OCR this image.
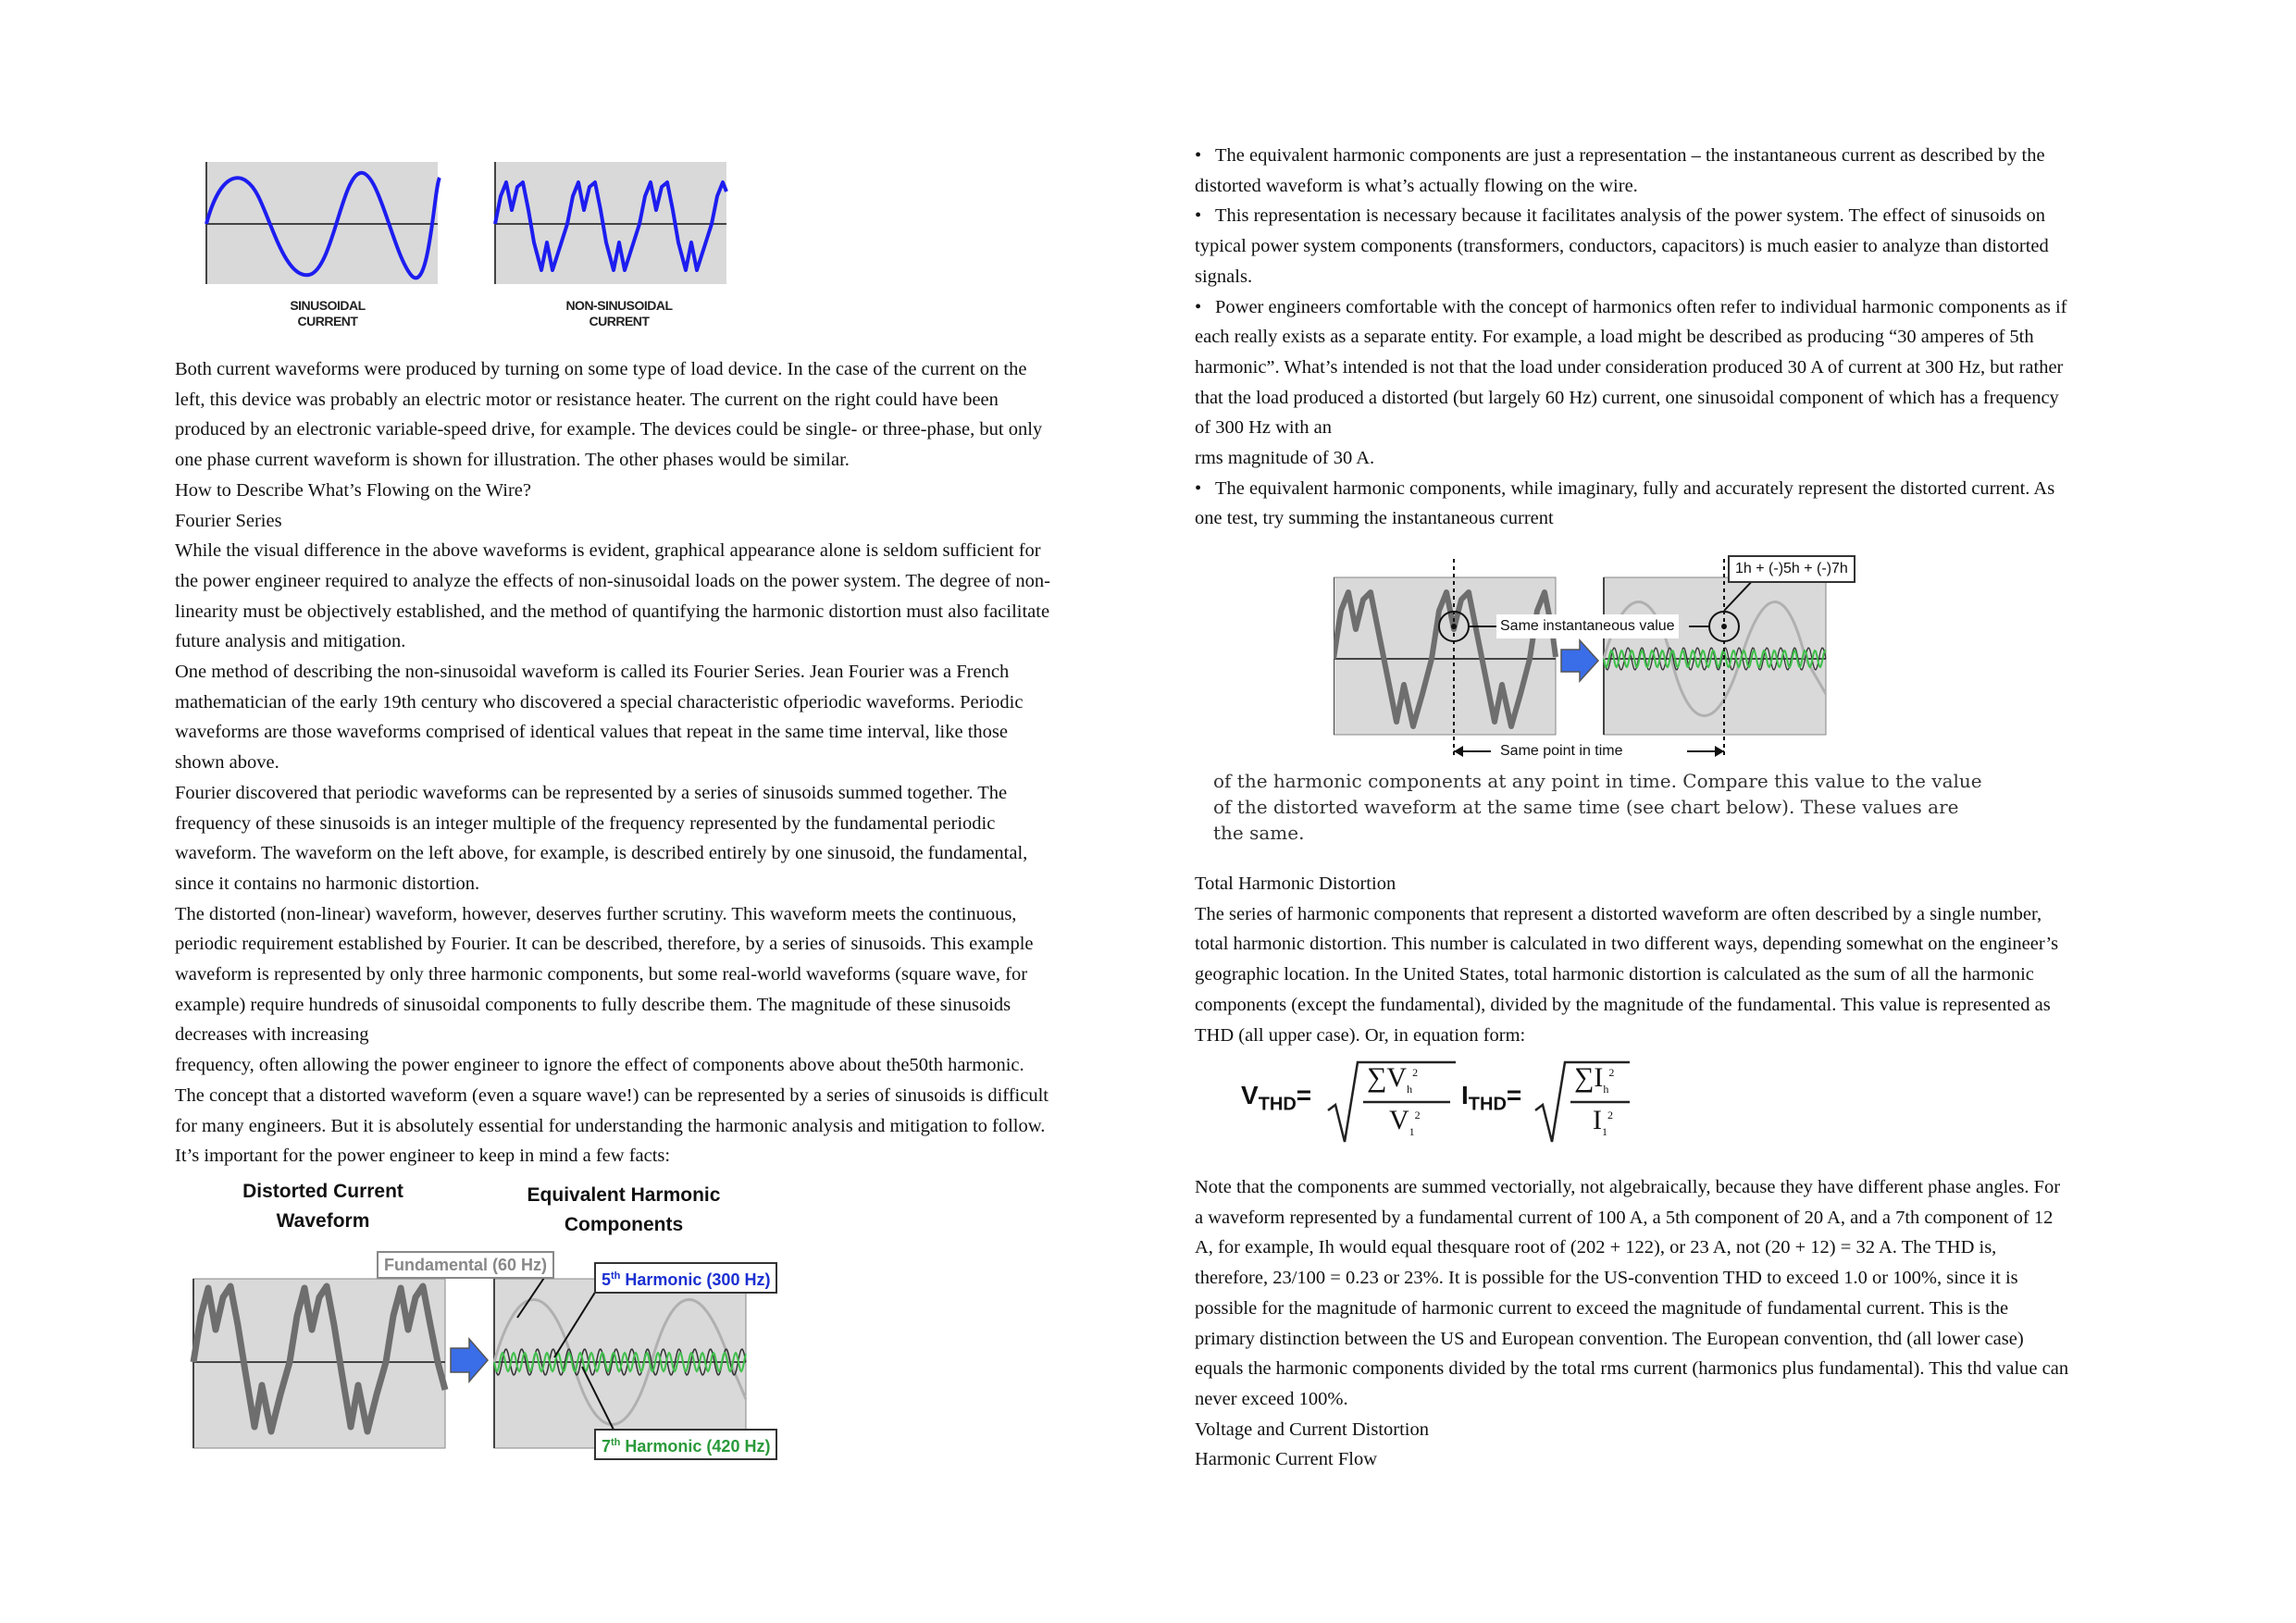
SINUSOIDAL
CURRENT
NON-SINUSOIDAL
CURRENT
Both current waveforms were produced by turning on some type of load device. In the case of the current on the
left, this device was probably an electric motor or resistance heater. The current on the right could have been
produced by an electronic variable-speed drive, for example. The devices could be single- or three-phase, but only
one phase current waveform is shown for illustration. The other phases would be similar.
How to Describe What’s Flowing on the Wire?
Fourier Series
While the visual difference in the above waveforms is evident, graphical appearance alone is seldom sufficient for
the power engineer required to analyze the effects of non-sinusoidal loads on the power system. The degree of non-
linearity must be objectively established, and the method of quantifying the harmonic distortion must also facilitate
future analysis and mitigation.
One method of describing the non-sinusoidal waveform is called its Fourier Series. Jean Fourier was a French
mathematician of the early 19th century who discovered a special characteristic ofperiodic waveforms. Periodic
waveforms are those waveforms comprised of identical values that repeat in the same time interval, like those
shown above.
Fourier discovered that periodic waveforms can be represented by a series of sinusoids summed together. The
frequency of these sinusoids is an integer multiple of the frequency represented by the fundamental periodic
waveform. The waveform on the left above, for example, is described entirely by one sinusoid, the fundamental,
since it contains no harmonic distortion.
The distorted (non-linear) waveform, however, deserves further scrutiny. This waveform meets the continuous,
periodic requirement established by Fourier. It can be described, therefore, by a series of sinusoids. This example
waveform is represented by only three harmonic components, but some real-world waveforms (square wave, for
example) require hundreds of sinusoidal components to fully describe them. The magnitude of these sinusoids
decreases with increasing
frequency, often allowing the power engineer to ignore the effect of components above about the50th harmonic.
The concept that a distorted waveform (even a square wave!) can be represented by a series of sinusoids is difficult
for many engineers. But it is absolutely essential for understanding the harmonic analysis and mitigation to follow.
It’s important for the power engineer to keep in mind a few facts:
Distorted Current
Waveform
Equivalent Harmonic
Components
Fundamental (60 Hz)
5th Harmonic (300 Hz)
7th Harmonic (420 Hz)
• The equivalent harmonic components are just a representation – the instantaneous current as described by the
distorted waveform is what’s actually flowing on the wire.
• This representation is necessary because it facilitates analysis of the power system. The effect of sinusoids on
typical power system components (transformers, conductors, capacitors) is much easier to analyze than distorted
signals.
• Power engineers comfortable with the concept of harmonics often refer to individual harmonic components as if
each really exists as a separate entity. For example, a load might be described as producing “30 amperes of 5th
harmonic”. What’s intended is not that the load under consideration produced 30 A of current at 300 Hz, but rather
that the load produced a distorted (but largely 60 Hz) current, one sinusoidal component of which has a frequency
of 300 Hz with an
rms magnitude of 30 A.
• The equivalent harmonic components, while imaginary, fully and accurately represent the distorted current. As
one test, try summing the instantaneous current
1h + (-)5h + (-)7h
Same instantaneous value
Same point in time
of the harmonic components at any point in time. Compare this value to the value
of the distorted waveform at the same time (see chart below). These values are
the same.
Total Harmonic Distortion
The series of harmonic components that represent a distorted waveform are often described by a single number,
total harmonic distortion. This number is calculated in two different ways, depending somewhat on the engineer’s
geographic location. In the United States, total harmonic distortion is calculated as the sum of all the harmonic
components (except the fundamental), divided by the magnitude of the fundamental. This value is represented as
THD (all upper case). Or, in equation form:
$V_{THD}=$
$\sum V_h^2$
$V_1^2$
$I_{THD}=$
$\sum I_h^2$
$I_1^2$
Note that the components are summed vectorially, not algebraically, because they have different phase angles. For
a waveform represented by a fundamental current of 100 A, a 5th component of 20 A, and a 7th component of 12
A, for example, Ih would equal thesquare root of (202 + 122), or 23 A, not (20 + 12) = 32 A. The THD is,
therefore, 23/100 = 0.23 or 23%. It is possible for the US-convention THD to exceed 1.0 or 100%, since it is
possible for the magnitude of harmonic current to exceed the magnitude of fundamental current. This is the
primary distinction between the US and European convention. The European convention, thd (all lower case)
equals the harmonic components divided by the total rms current (harmonics plus fundamental). This thd value can
never exceed 100%.
Voltage and Current Distortion
Harmonic Current Flow
